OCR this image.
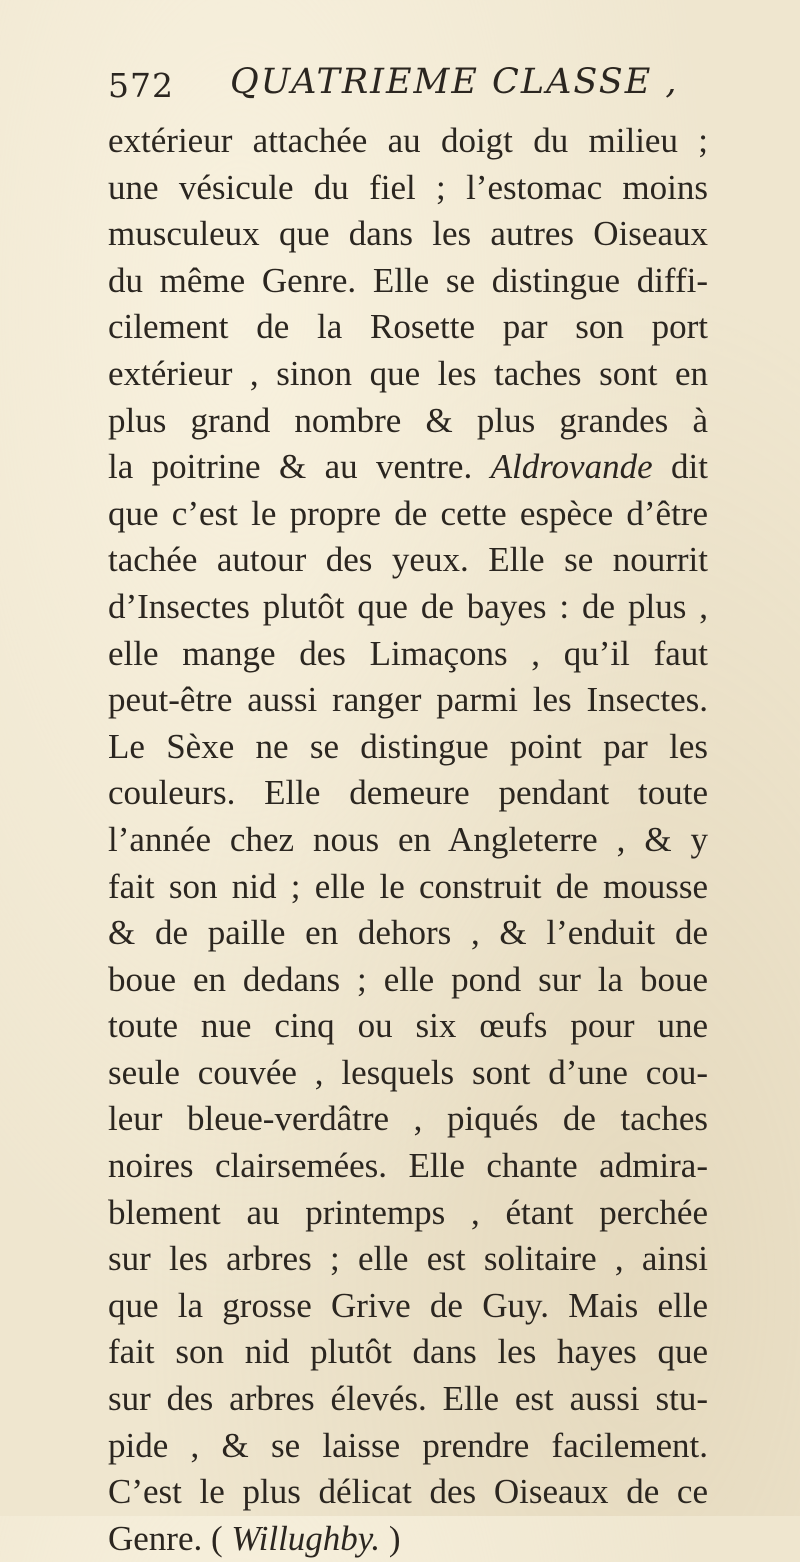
572 QUATRIEME CLASSE ,
extérieur attachée au doigt du milieu ;
une vésicule du fiel ; l’estomac moins
musculeux que dans les autres Oiseaux
du même Genre. Elle se distingue diffi-
cilement de la Rosette par son port
extérieur , sinon que les taches sont en
plus grand nombre & plus grandes à
la poitrine & au ventre. Aldrovande dit
que c’est le propre de cette espèce d’être
tachée autour des yeux. Elle se nourrit
d’Insectes plutôt que de bayes : de plus ,
elle mange des Limaçons , qu’il faut
peut-être aussi ranger parmi les Insectes.
Le Sèxe ne se distingue point par les
couleurs. Elle demeure pendant toute
l’année chez nous en Angleterre , & y
fait son nid ; elle le construit de mousse
& de paille en dehors , & l’enduit de
boue en dedans ; elle pond sur la boue
toute nue cinq ou six œufs pour une
seule couvée , lesquels sont d’une cou-
leur bleue-verdâtre , piqués de taches
noires clairsemées. Elle chante admira-
blement au printemps , étant perchée
sur les arbres ; elle est solitaire , ainsi
que la grosse Grive de Guy. Mais elle
fait son nid plutôt dans les hayes que
sur des arbres élevés. Elle est aussi stu-
pide , & se laisse prendre facilement.
C’est le plus délicat des Oiseaux de ce
Genre. ( Willughby. )
